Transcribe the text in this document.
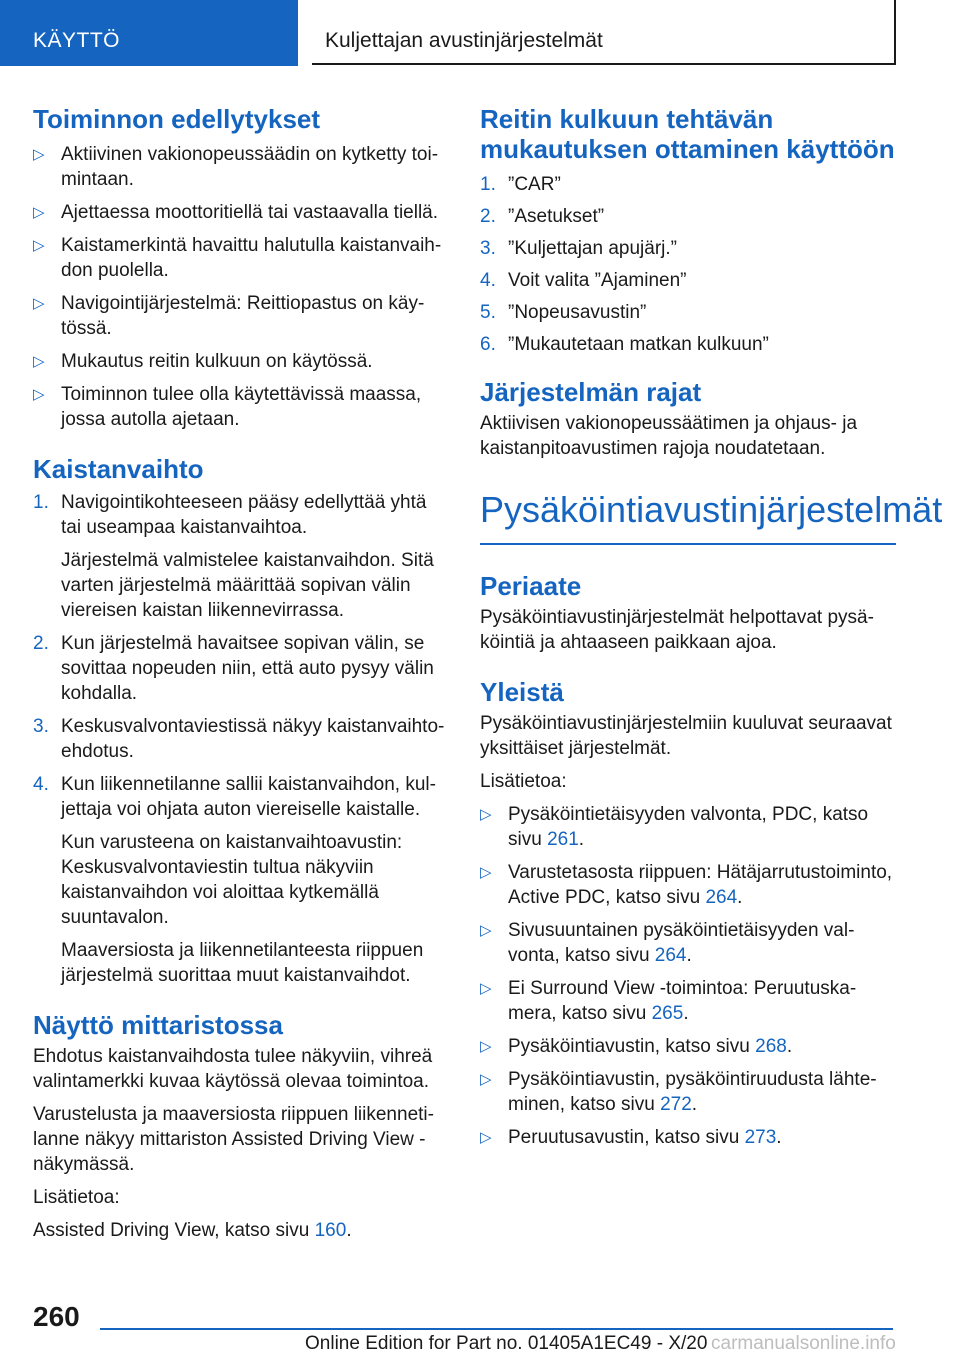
KÄYTTÖ	Kuljettajan avustinjärjestelmät
Toiminnon edellytykset
▷ Aktiivinen vakionopeussäädin on kytketty toimintaan.
▷ Ajettaessa moottoritiellä tai vastaavalla tiellä.
▷ Kaistamerkintä havaittu halutulla kaistanvaihdon puolella.
▷ Navigointijärjestelmä: Reittiopastus on käytössä.
▷ Mukautus reitin kulkuun on käytössä.
▷ Toiminnon tulee olla käytettävissä maassa, jossa autolla ajetaan.
Kaistanvaihto
1. Navigointikohteeseen pääsy edellyttää yhtä tai useampaa kaistanvaihtoa.
Järjestelmä valmistelee kaistanvaihdon. Sitä varten järjestelmä määrittää sopivan välin viereisen kaistan liikennevirrassa.
2. Kun järjestelmä havaitsee sopivan välin, se sovittaa nopeuden niin, että auto pysyy välin kohdalla.
3. Keskusvalvontaviestissä näkyy kaistanvaihtoehdotus.
4. Kun liikennetilanne sallii kaistanvaihdon, kuljettaja voi ohjata auton viereiselle kaistalle.
Kun varusteena on kaistanvaihtoavustin: Keskusvalvontaviestin tultua näkyviin kaistanvaihdon voi aloittaa kytkemällä suuntavalon.
Maaversiosta ja liikennetilanteesta riippuen järjestelmä suorittaa muut kaistanvaihdot.
Näyttö mittaristossa

Ehdotus kaistanvaihdosta tulee näkyviin, vihreä valintamerkki kuvaa käytössä olevaa toimintoa.

Varustelusta ja maaversiosta riippuen liikennetilanne näkyy mittariston Assisted Driving View -näkymässä.

Lisätietoa:

Assisted Driving View, katso sivu 160.

Reitin kulkuun tehtävän mukautuksen ottaminen käyttöön
1. ”CAR”
2. ”Asetukset”
3. ”Kuljettajan apujärj.”
4. Voit valita ”Ajaminen”
5. ”Nopeusavustin”
6. ”Mukautetaan matkan kulkuun”
Järjestelmän rajat

Aktiivisen vakionopeussäätimen ja ohjaus- ja kaistanpitoavustimen rajoja noudatetaan.

Pysäköintiavustinjärjestelmät
Periaate

Pysäköintiavustinjärjestelmät helpottavat pysäköintiä ja ahtaaseen paikkaan ajoa.

Yleistä

Pysäköintiavustinjärjestelmiin kuuluvat seuraavat yksittäiset järjestelmät.

Lisätietoa:

▷ Pysäköintietäisyyden valvonta, PDC, katso sivu 261.
▷ Varustetasosta riippuen: Hätäjarrutustoiminto, Active PDC, katso sivu 264.
▷ Sivusuuntainen pysäköintietäisyyden valvonta, katso sivu 264.
▷ Ei Surround View -toimintoa: Peruutuskamera, katso sivu 265.
▷ Pysäköintiavustin, katso sivu 268.
▷ Pysäköintiavustin, pysäköintiruudusta lähteminen, katso sivu 272.
▷ Peruutusavustin, katso sivu 273.
260
Online Edition for Part no. 01405A1EC49 - X/20 carmanualsonline.info
